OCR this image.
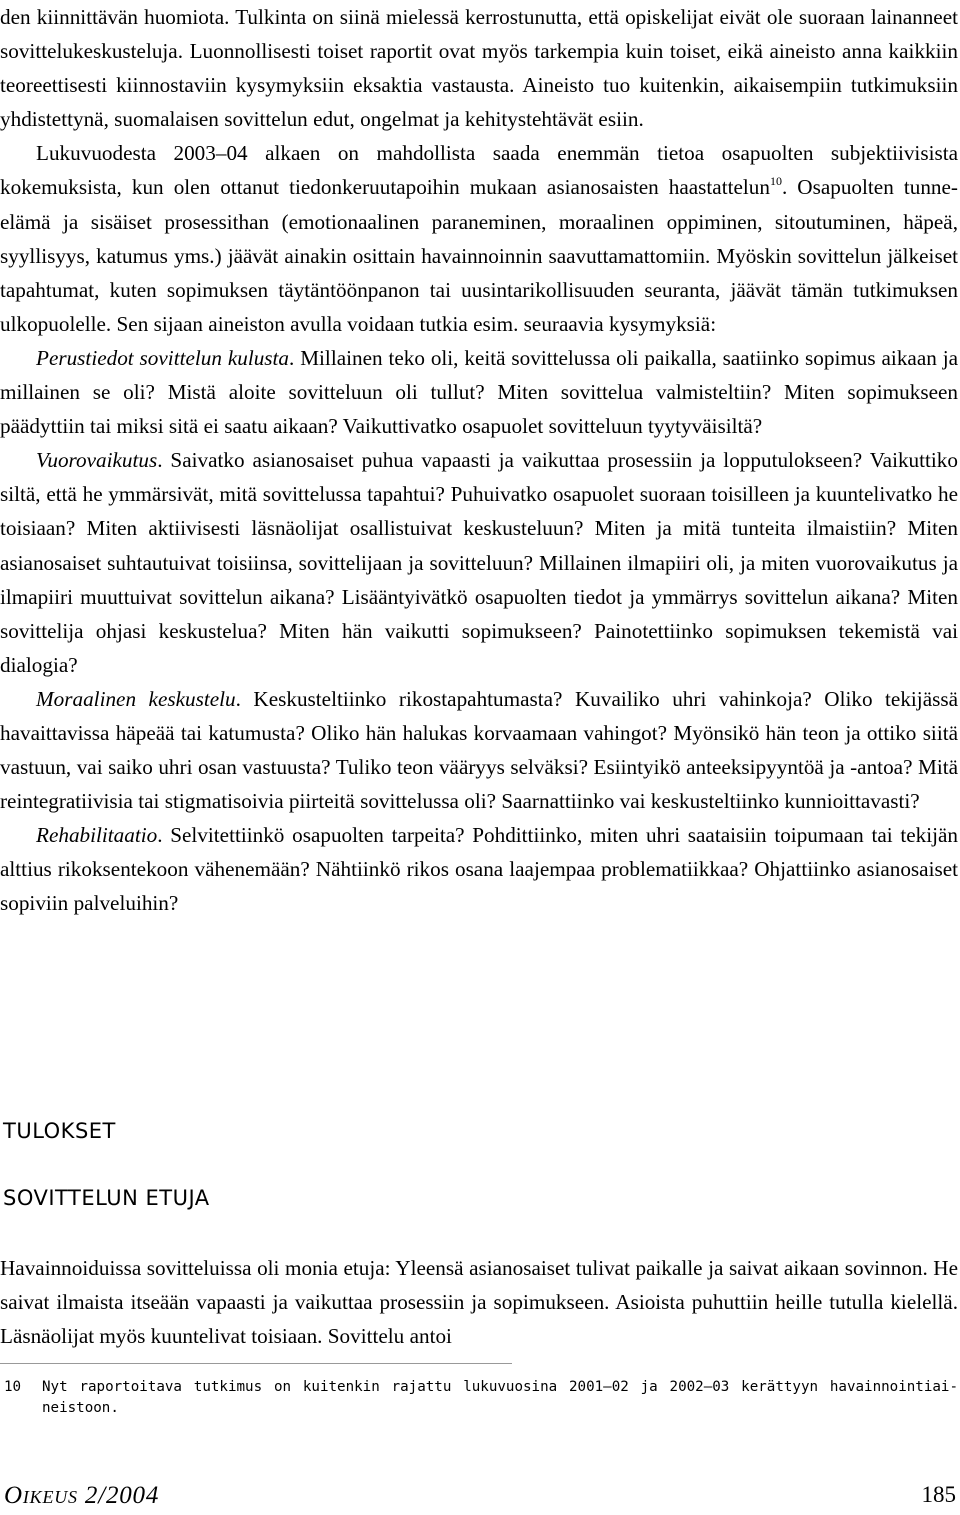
den kiinnittävän huomiota. Tulkinta on siinä mielessä kerrostunutta, että opiskelijat eivät ole suoraan lainanneet sovittelukeskusteluja. Luonnollisesti toiset raportit ovat myös tarkempia kuin toiset, eikä aineisto anna kaikkiin teoreettisesti kiinnostaviin kysymyksiin eksaktia vastausta. Aineisto tuo kuitenkin, aikaisempiin tutkimuksiin yhdistettynä, suomalaisen sovittelun edut, ongelmat ja kehitystehtävät esiin.

Lukuvuodesta 2003–04 alkaen on mahdollista saada enemmän tietoa osapuolten subjektiivisista kokemuksista, kun olen ottanut tiedonkeruutapoihin mukaan asianosaisten haastattelun$^{10}$. Osapuolten tunne-elämä ja sisäiset prosessithan (emotionaalinen paraneminen, moraalinen oppiminen, sitoutuminen, häpeä, syyllisyys, katumus yms.) jäävät ainakin osittain havainnoinnin saavuttamattomiin. Myöskin sovittelun jälkeiset tapahtumat, kuten sopimuksen täytäntöönpanon tai uusintarikollisuuden seuranta, jäävät tämän tutkimuksen ulkopuolelle. Sen sijaan aineiston avulla voidaan tutkia esim. seuraavia kysymyksiä:

Perustiedot sovittelun kulusta. Millainen teko oli, keitä sovittelussa oli paikalla, saatiinko sopimus aikaan ja millainen se oli? Mistä aloite sovitteluun oli tullut? Miten sovittelua valmisteltiin? Miten sopimukseen päädyttiin tai miksi sitä ei saatu aikaan? Vaikuttivatko osapuolet sovitteluun tyytyväisiltä?

Vuorovaikutus. Saivatko asianosaiset puhua vapaasti ja vaikuttaa prosessiin ja lopputulokseen? Vaikuttiko siltä, että he ymmärsivät, mitä sovittelussa tapahtui? Puhuivatko osapuolet suoraan toisilleen ja kuuntelivatko he toisiaan? Miten aktiivisesti läsnäolijat osallistuivat keskusteluun? Miten ja mitä tunteita ilmaistiin? Miten asianosaiset suhtautuivat toisiinsa, sovittelijaan ja sovitteluun? Millainen ilmapiiri oli, ja miten vuorovaikutus ja ilmapiiri muuttuivat sovittelun aikana? Lisääntyivätkö osapuolten tiedot ja ymmärrys sovittelun aikana? Miten sovittelija ohjasi keskustelua? Miten hän vaikutti sopimukseen? Painotettiinko sopimuksen tekemistä vai dialogia?

Moraalinen keskustelu. Keskusteltiinko rikostapahtumasta? Kuvailiko uhri vahinkoja? Oliko tekijässä havaittavissa häpeää tai katumusta? Oliko hän halukas korvaamaan vahingot? Myönsikö hän teon ja ottiko siitä vastuun, vai saiko uhri osan vastuusta? Tuliko teon vääryys selväksi? Esiintyikö anteeksipyyntöä ja -antoa? Mitä reintegratiivisia tai stigmatisoivia piirteitä sovittelussa oli? Saarnattiinko vai keskusteltiinko kunnioittavasti?

Rehabilitaatio. Selvitettiinkö osapuolten tarpeita? Pohdittiinko, miten uhri saataisiin toipumaan tai tekijän alttius rikoksentekoon vähenemään? Nähtiinkö rikos osana laajempaa problematiikkaa? Ohjattiinko asianosaiset sopiviin palveluihin?

TULOKSET
SOVITTELUN ETUJA

Havainnoiduissa sovitteluissa oli monia etuja: Yleensä asianosaiset tulivat paikalle ja saivat aikaan sovinnon. He saivat ilmaista itseään vapaasti ja vaikuttaa prosessiin ja sopimukseen. Asioista puhuttiin heille tutulla kielellä. Läsnäolijat myös kuuntelivat toisiaan. Sovittelu antoi

10 Nyt raportoitava tutkimus on kuitenkin rajattu lukuvuosina 2001–02 ja 2002–03 kerättyyn havainnointiaineistoon.
Oikeus 2/2004	185
